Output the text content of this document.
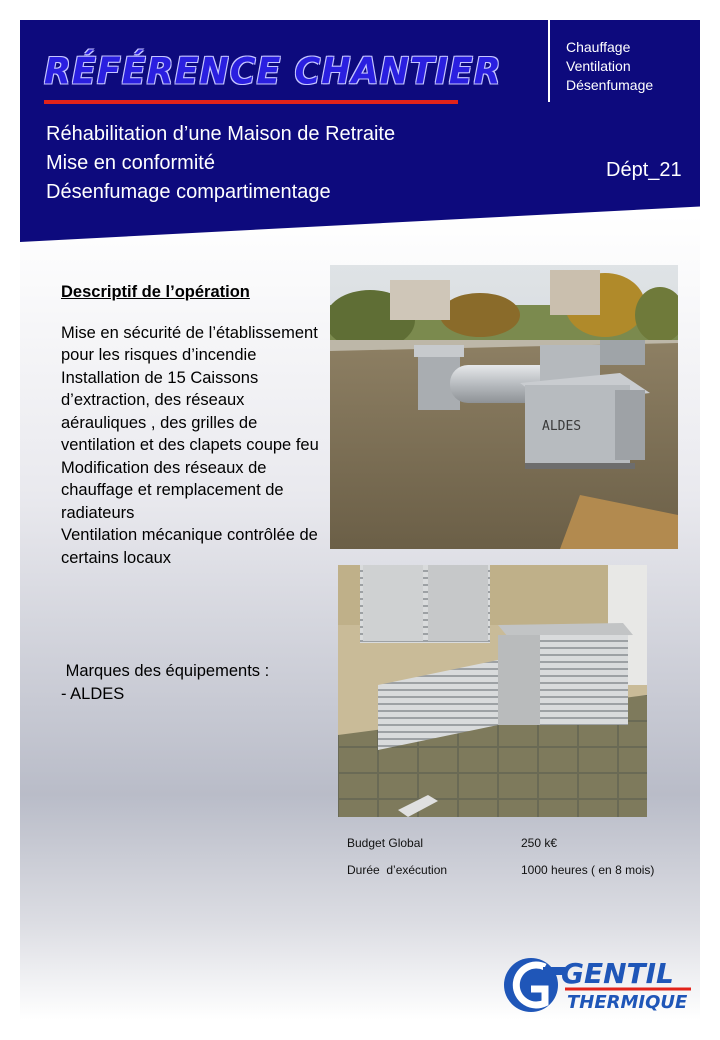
RÉFÉRENCE CHANTIER
Chauffage
Ventilation
Désenfumage
Réhabilitation d’une Maison de Retraite
Mise en conformité
Désenfumage compartimentage
Dépt_21
Descriptif de l’opération

Mise en sécurité de l’établissement pour les risques d’incendie

Installation de 15 Caissons d’extraction, des réseaux aérauliques , des grilles de ventilation et des clapets coupe feu

Modification des réseaux de chauffage et remplacement de radiateurs

Ventilation mécanique contrôlée de certains locaux

Marques des équipements :
- ALDES
ALDES
Budget Global	250 k€
Durée  d’exécution	1000 heures ( en 8 mois)
GENTIL
THERMIQUE
